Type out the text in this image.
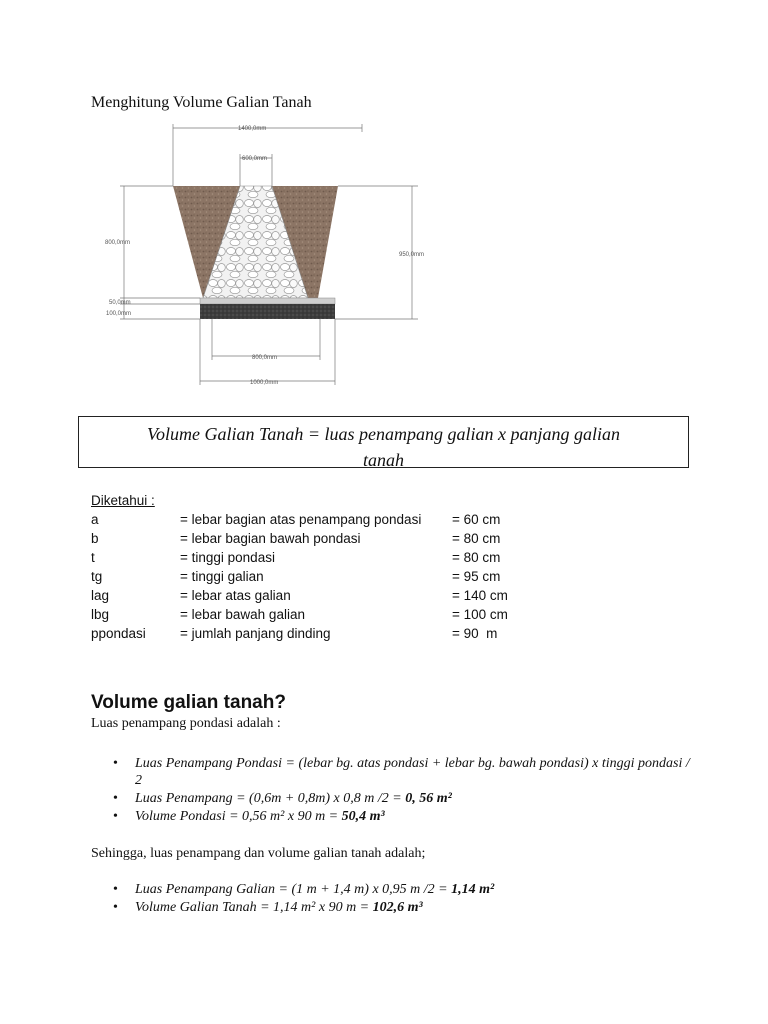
Menghitung Volume Galian Tanah
1400,0mm
600,0mm
800,0mm
950,0mm
50,0mm
100,0mm
800,0mm
1000,0mm
Volume Galian Tanah = luas penampang galian x panjang galian
tanah
Diketahui :
a	= lebar bagian atas penampang pondasi = 60 cm
b	= lebar bagian bawah pondasi	= 80 cm
t	= tinggi pondasi	= 80 cm
tg	= tinggi galian	= 95 cm
lag	= lebar atas galian	= 140 cm
lbg	= lebar bawah galian	= 100 cm
ppondasi	= jumlah panjang dinding	= 90  m
Volume galian tanah?
Luas penampang pondasi adalah :
• Luas Penampang Pondasi = (lebar bg. atas pondasi + lebar bg. bawah pondasi) x tinggi pondasi / 2
• Luas Penampang = (0,6m + 0,8m) x 0,8 m /2 = 0, 56 m²
• Volume Pondasi = 0,56 m² x 90 m = 50,4 m³
Sehingga, luas penampang dan volume galian tanah adalah;
• Luas Penampang Galian = (1 m + 1,4 m) x 0,95 m /2 = 1,14 m²
• Volume Galian Tanah = 1,14 m² x 90 m = 102,6 m³
